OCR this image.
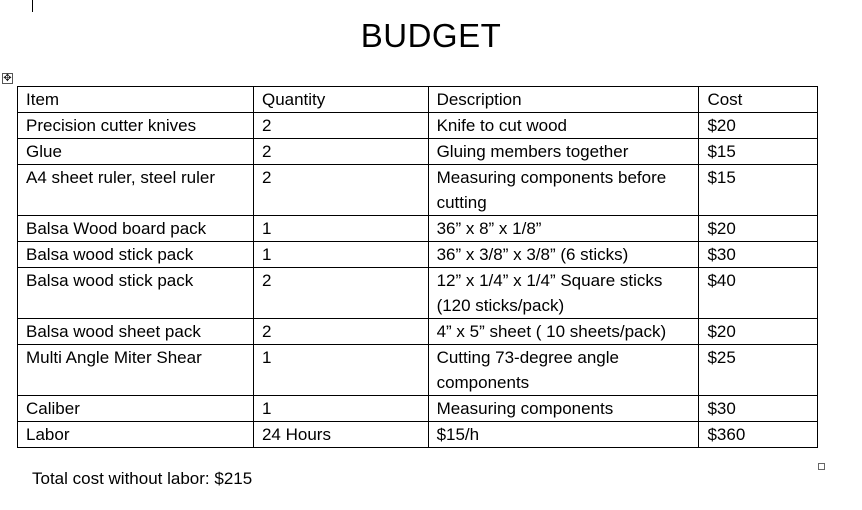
BUDGET
✥
Item	Quantity	Description	Cost
Precision cutter knives	2	Knife to cut wood	$20
Glue	2	Gluing members together	$15
A4 sheet ruler, steel ruler	2	Measuring components before cutting	$15
Balsa Wood board pack	1	36” x 8” x 1/8”	$20
Balsa wood stick pack	1	36” x 3/8” x 3/8” (6 sticks)	$30
Balsa wood stick pack	2	12” x 1/4” x 1/4” Square sticks (120 sticks/pack)	$40
Balsa wood sheet pack	2	4” x 5” sheet ( 10 sheets/pack)	$20
Multi Angle Miter Shear	1	Cutting 73-degree angle components	$25
Caliber	1	Measuring components	$30
Labor	24 Hours	$15/h	$360
Total cost without labor: $215
